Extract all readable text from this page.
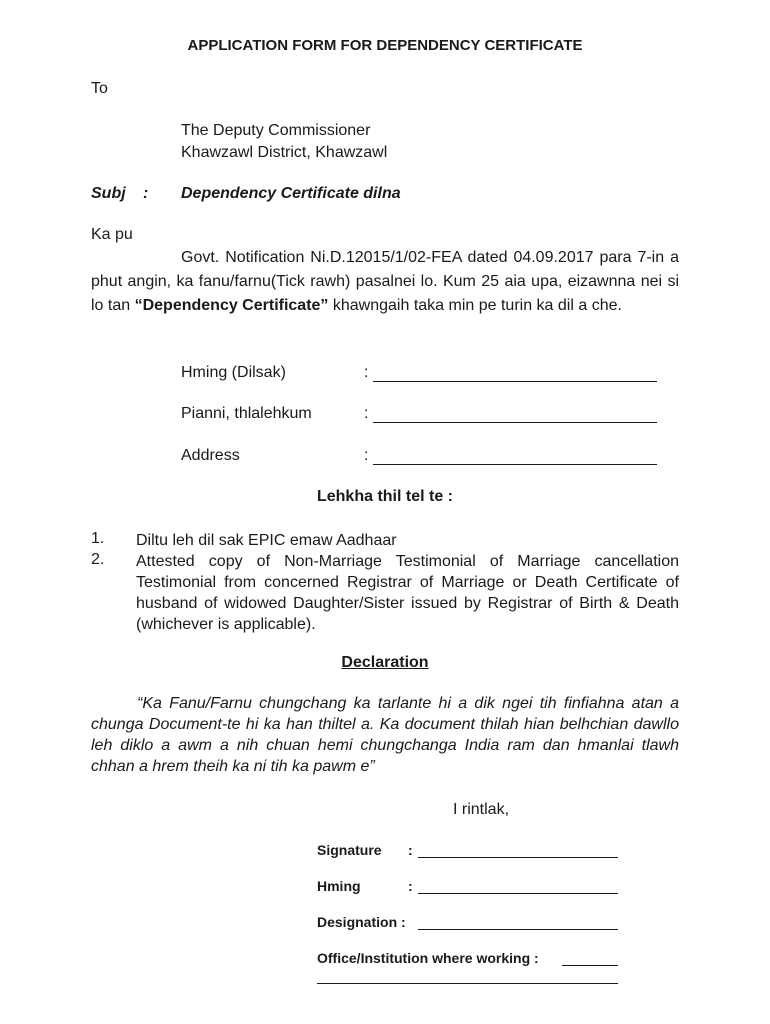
APPLICATION FORM FOR DEPENDENCY CERTIFICATE
To
The Deputy Commissioner
Khawzawl District, Khawzawl
Subj : Dependency Certificate dilna
Ka pu
Govt. Notification Ni.D.12015/1/02-FEA dated 04.09.2017 para 7-in a phut angin, ka fanu/farnu(Tick rawh) pasalnei lo. Kum 25 aia upa, eizawnna nei si lo tan “Dependency Certificate” khawngaih taka min pe turin ka dil a che.
Hming (Dilsak)	:
Pianni, thlalehkum	:
Address	:
Lehkha thil tel te :
1. Diltu leh dil sak EPIC emaw Aadhaar
2. Attested copy of Non-Marriage Testimonial of Marriage cancellation Testimonial from concerned Registrar of Marriage or Death Certificate of husband of widowed Daughter/Sister issued by Registrar of Birth & Death (whichever is applicable).
Declaration
“Ka Fanu/Farnu chungchang ka tarlante hi a dik ngei tih finfiahna atan a chunga Document-te hi ka han thiltel a. Ka document thilah hian belhchian dawllo leh diklo a awm a nih chuan hemi chungchanga India ram dan hmanlai tlawh chhan a hrem theih ka ni tih ka pawm e”
I rintlak,
Signature :
Hming	:
Designation :
Office/Institution where working :
